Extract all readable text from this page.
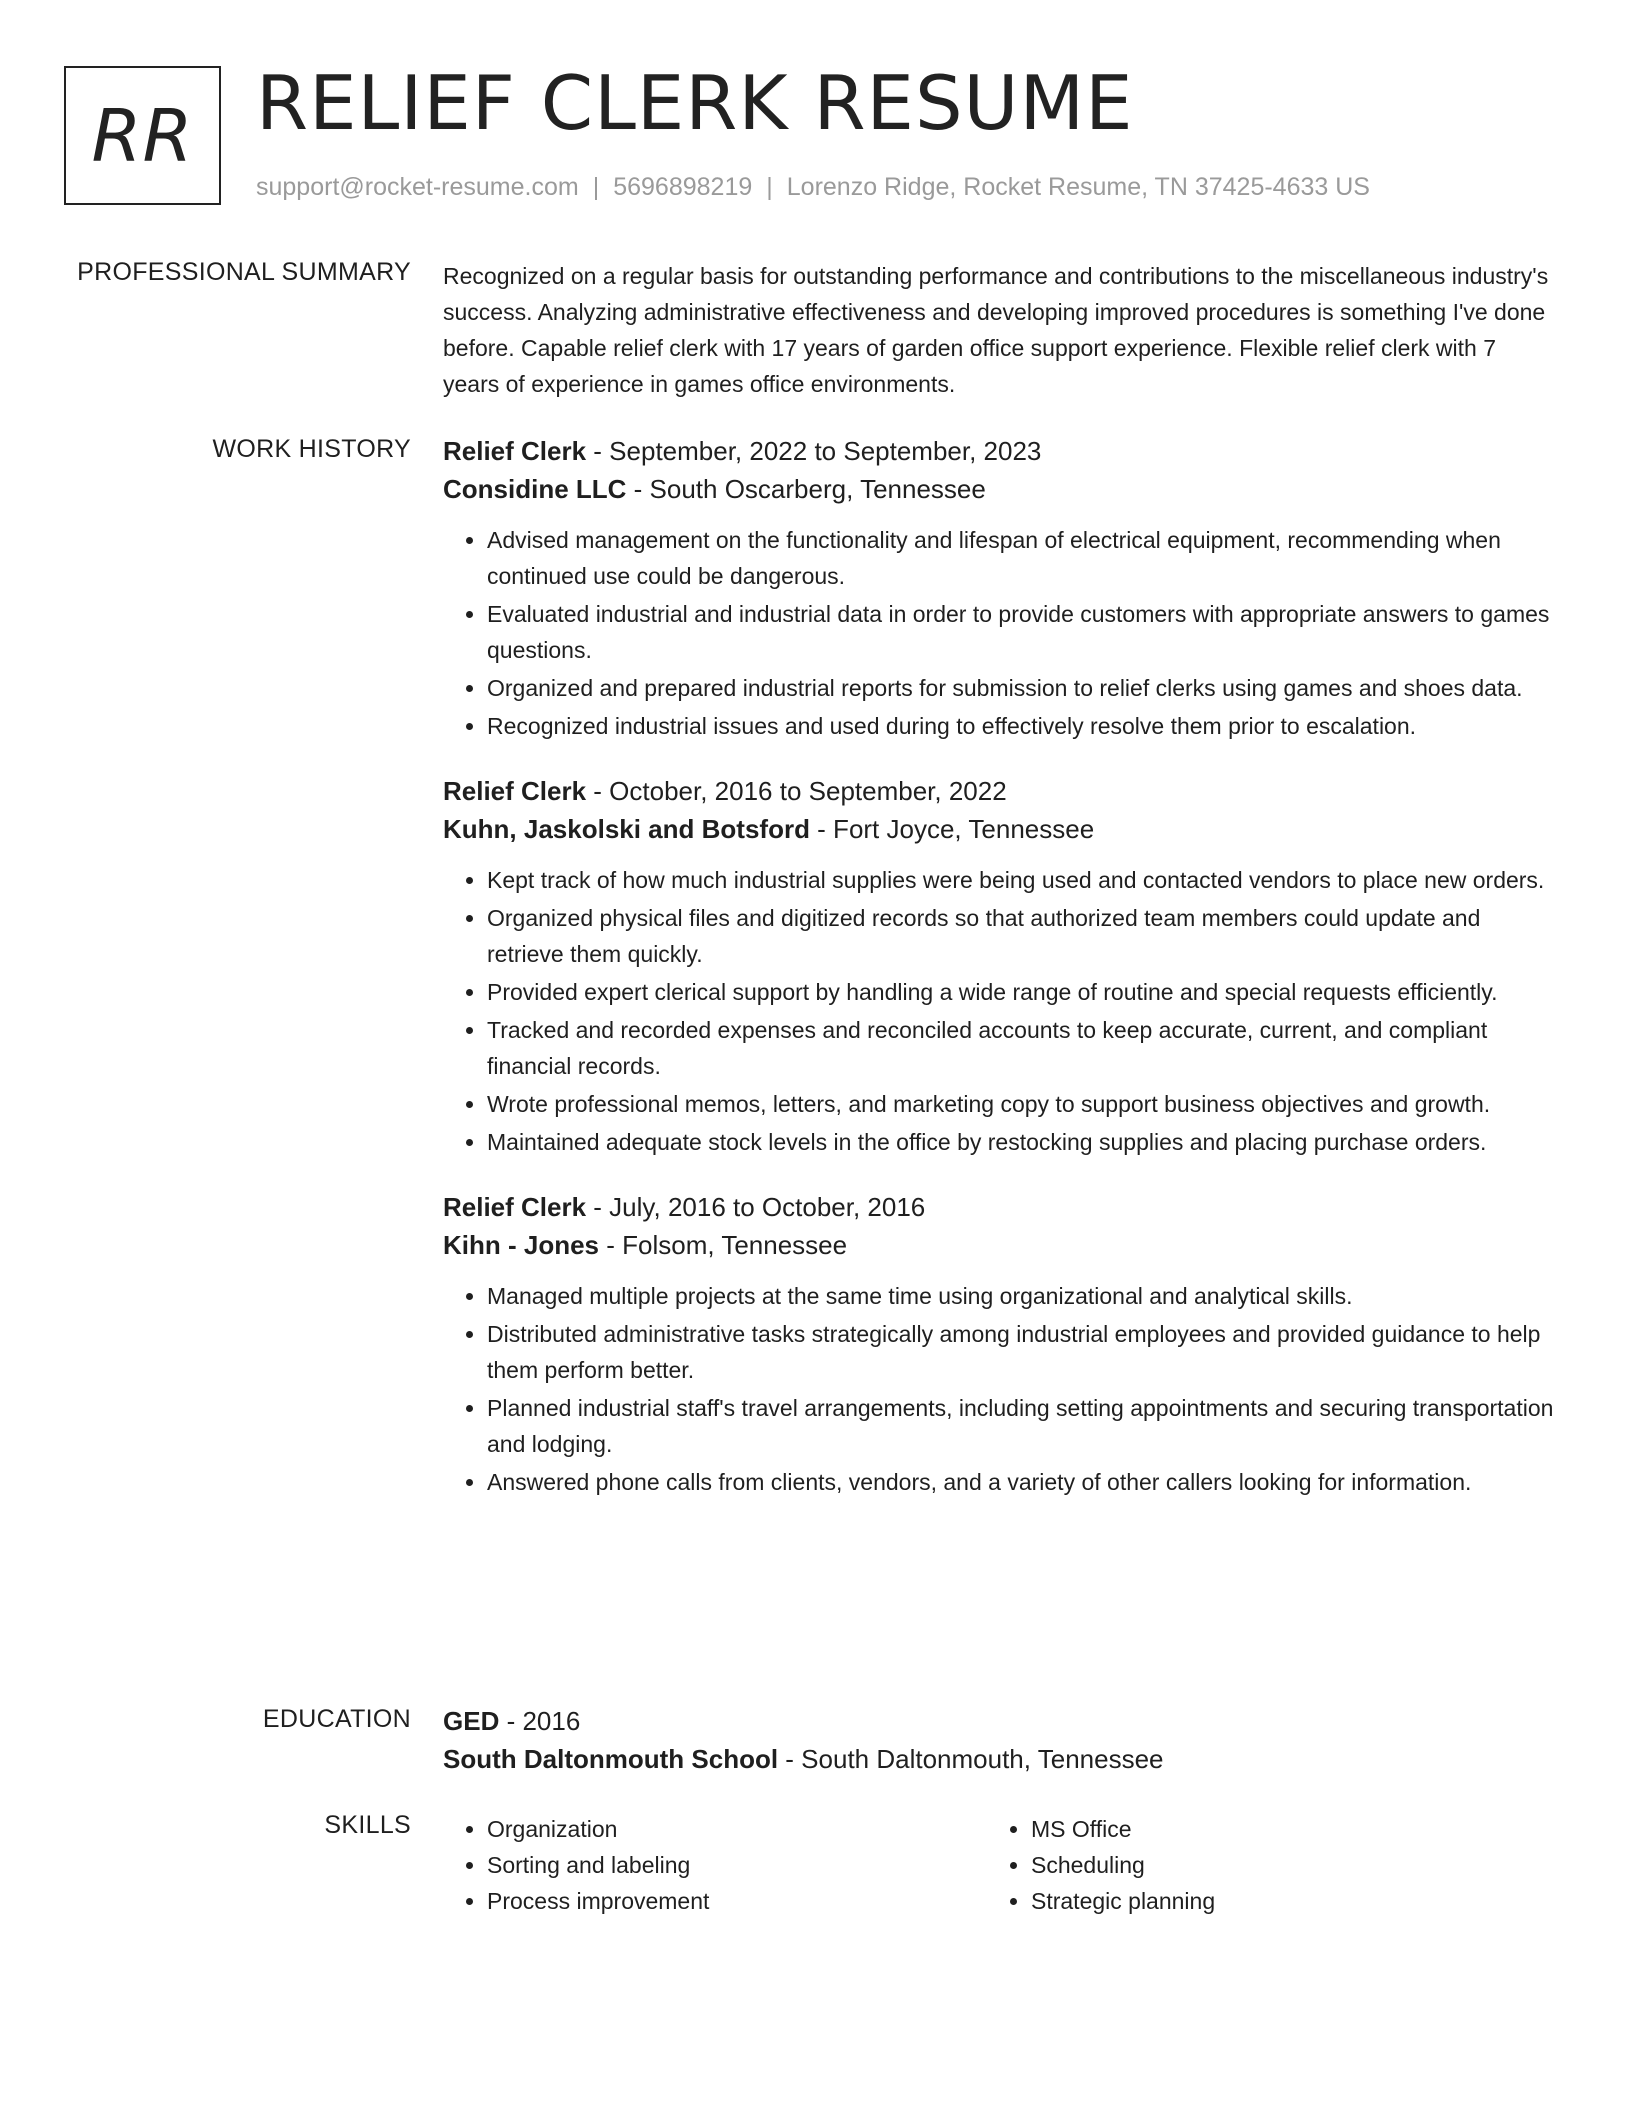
RR RELIEF CLERK RESUME
support@rocket-resume.com | 5696898219 | Lorenzo Ridge, Rocket Resume, TN 37425-4633 US
PROFESSIONAL SUMMARY Recognized on a regular basis for outstanding performance and contributions to the miscellaneous industry's success. Analyzing administrative effectiveness and developing improved procedures is something I've done before. Capable relief clerk with 17 years of garden office support experience. Flexible relief clerk with 7 years of experience in games office environments.

WORK HISTORY Relief Clerk - September, 2022 to September, 2023
Considine LLC - South Oscarberg, Tennessee
• Advised management on the functionality and lifespan of electrical equipment, recommending when continued use could be dangerous.
• Evaluated industrial and industrial data in order to provide customers with appropriate answers to games questions.
• Organized and prepared industrial reports for submission to relief clerks using games and shoes data.
• Recognized industrial issues and used during to effectively resolve them prior to escalation.
Relief Clerk - October, 2016 to September, 2022
Kuhn, Jaskolski and Botsford - Fort Joyce, Tennessee
• Kept track of how much industrial supplies were being used and contacted vendors to place new orders.
• Organized physical files and digitized records so that authorized team members could update and retrieve them quickly.
• Provided expert clerical support by handling a wide range of routine and special requests efficiently.
• Tracked and recorded expenses and reconciled accounts to keep accurate, current, and compliant financial records.
• Wrote professional memos, letters, and marketing copy to support business objectives and growth.
• Maintained adequate stock levels in the office by restocking supplies and placing purchase orders.
Relief Clerk - July, 2016 to October, 2016
Kihn - Jones - Folsom, Tennessee
• Managed multiple projects at the same time using organizational and analytical skills.
• Distributed administrative tasks strategically among industrial employees and provided guidance to help them perform better.
• Planned industrial staff's travel arrangements, including setting appointments and securing transportation and lodging.
• Answered phone calls from clients, vendors, and a variety of other callers looking for information.
EDUCATION GED - 2016
South Daltonmouth School - South Daltonmouth, Tennessee
SKILLS
•	Organization
• Sorting and labeling
• Process improvement
• MS Office
• Scheduling
• Strategic planning
